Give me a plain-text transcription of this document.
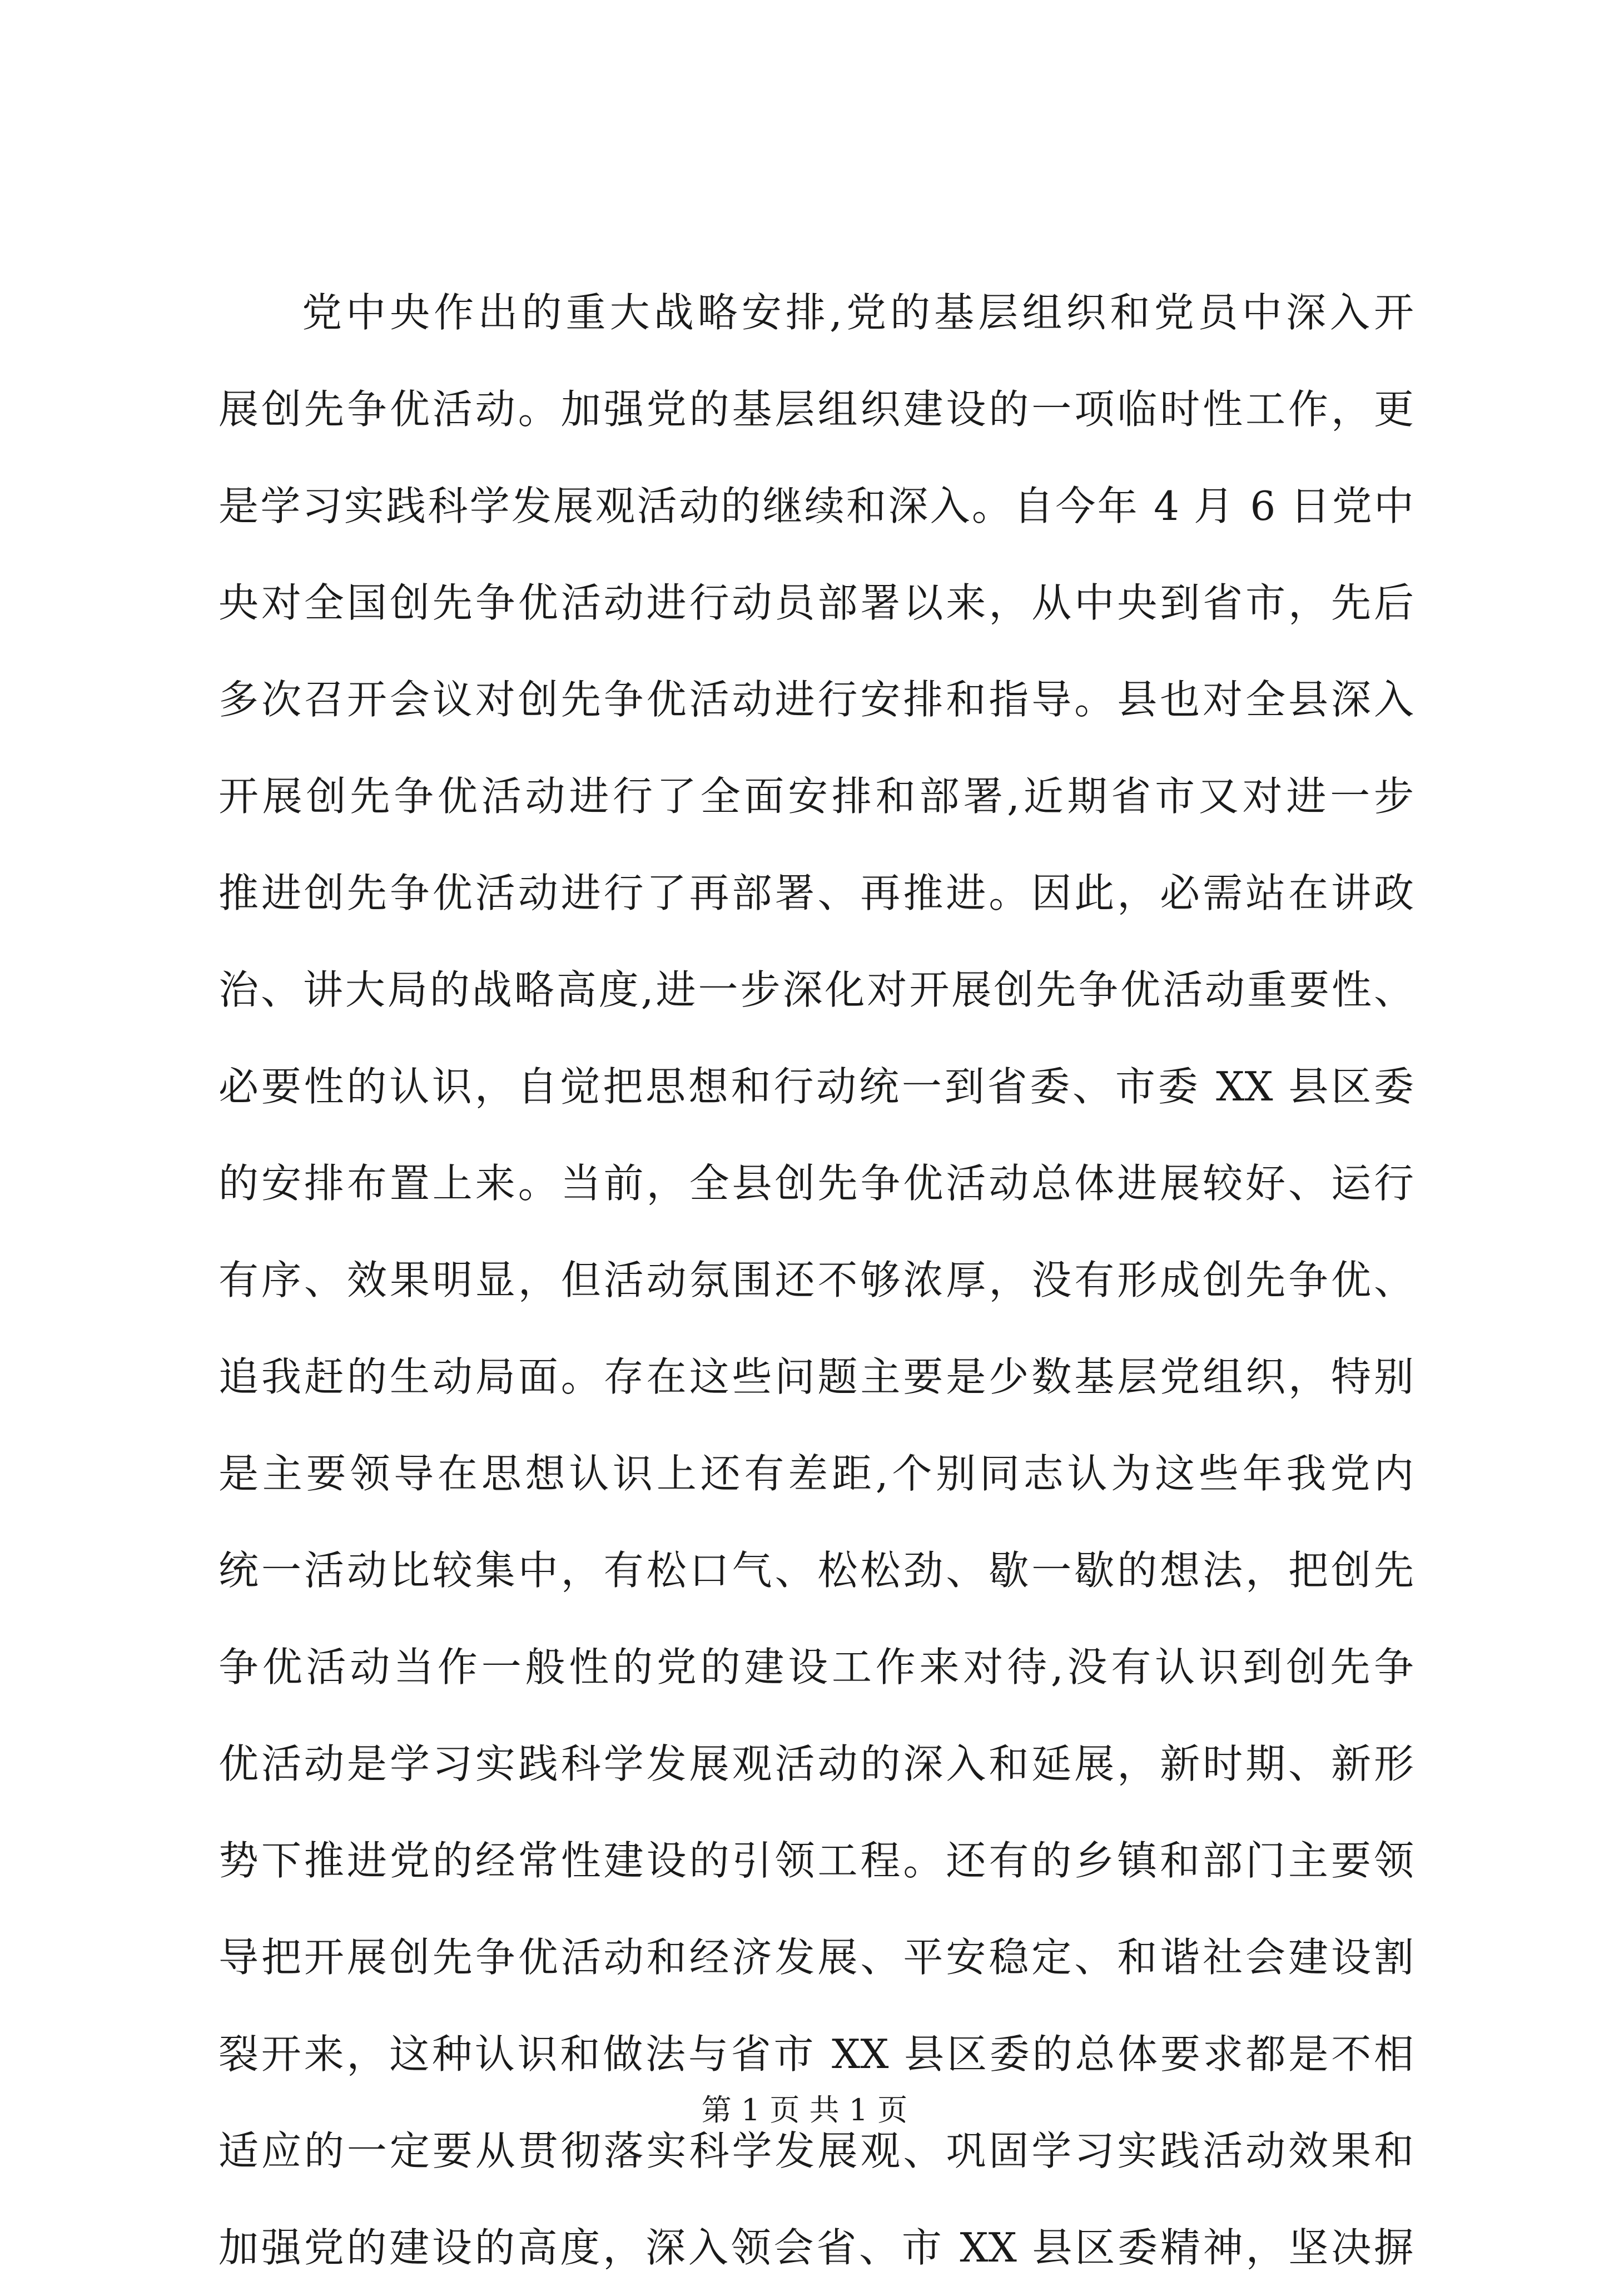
党中央作出的重大战略安排,党的基层组织和党员中深入开
展创先争优活动。加强党的基层组织建设的一项临时性工作，更
是学习实践科学发展观活动的继续和深入。自今年 4 月 6 日党中
央对全国创先争优活动进行动员部署以来，从中央到省市，先后
多次召开会议对创先争优活动进行安排和指导。县也对全县深入
开展创先争优活动进行了全面安排和部署,近期省市又对进一步
推进创先争优活动进行了再部署、再推进。因此，必需站在讲政
治、讲大局的战略高度,进一步深化对开展创先争优活动重要性、
必要性的认识，自觉把思想和行动统一到省委、市委 XX 县区委
的安排布置上来。当前，全县创先争优活动总体进展较好、运行
有序、效果明显，但活动氛围还不够浓厚，没有形成创先争优、
追我赶的生动局面。存在这些问题主要是少数基层党组织，特别
是主要领导在思想认识上还有差距,个别同志认为这些年我党内
统一活动比较集中，有松口气、松松劲、歇一歇的想法，把创先
争优活动当作一般性的党的建设工作来对待,没有认识到创先争
优活动是学习实践科学发展观活动的深入和延展，新时期、新形
势下推进党的经常性建设的引领工程。还有的乡镇和部门主要领
导把开展创先争优活动和经济发展、平安稳定、和谐社会建设割
裂开来，这种认识和做法与省市 XX 县区委的总体要求都是不相
适应的一定要从贯彻落实科学发展观、巩固学习实践活动效果和
加强党的建设的高度，深入领会省、市 XX 县区委精神，坚决摒
第 1 页 共 1 页
